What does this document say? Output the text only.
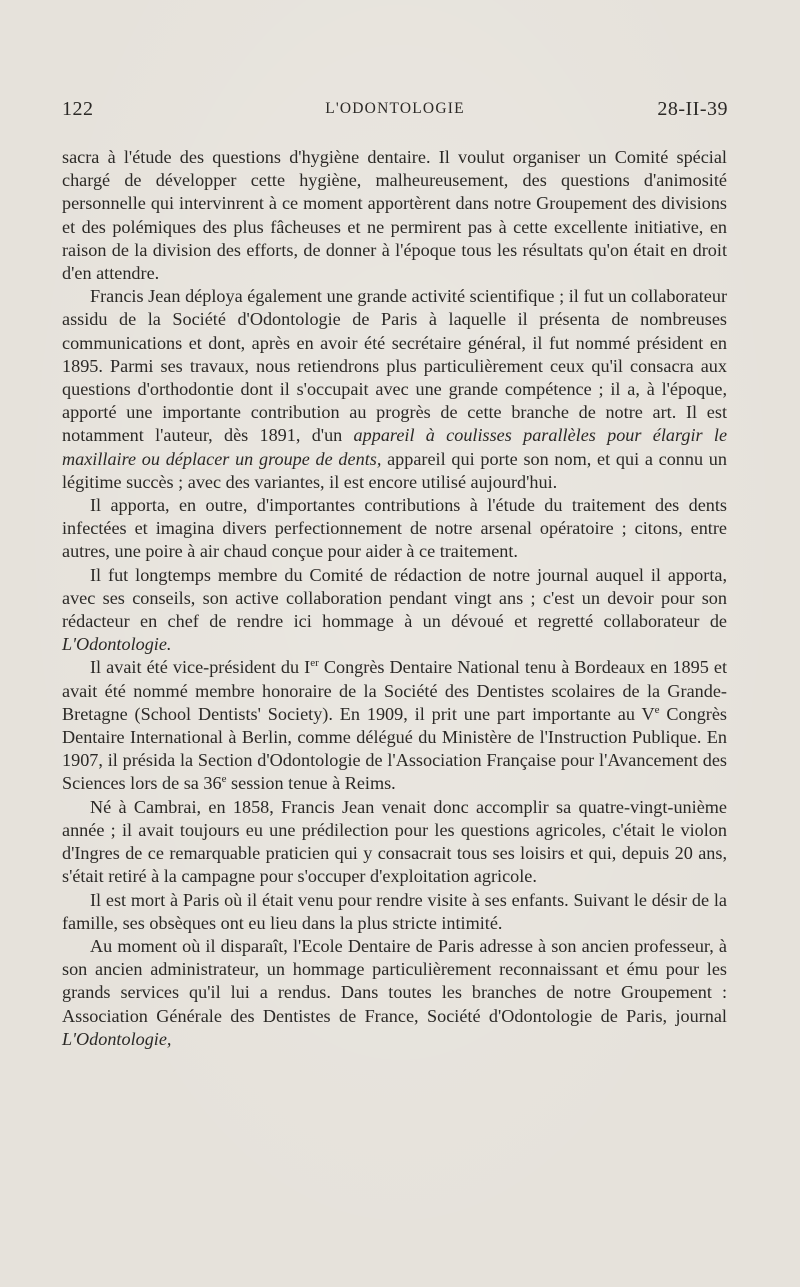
122	L'ODONTOLOGIE	28-II-39

sacra à l'étude des questions d'hygiène dentaire. Il voulut organiser un Comité spécial chargé de développer cette hygiène, malheureusement, des questions d'animosité personnelle qui intervinrent à ce moment apportèrent dans notre Groupement des divisions et des polémiques des plus fâcheuses et ne permirent pas à cette excellente initiative, en raison de la division des efforts, de donner à l'époque tous les résultats qu'on était en droit d'en attendre.

Francis Jean déploya également une grande activité scientifique ; il fut un collaborateur assidu de la Société d'Odontologie de Paris à laquelle il présenta de nombreuses communications et dont, après en avoir été secrétaire général, il fut nommé président en 1895. Parmi ses travaux, nous retiendrons plus particulièrement ceux qu'il consacra aux questions d'orthodontie dont il s'occupait avec une grande compétence ; il a, à l'époque, apporté une importante contribution au progrès de cette branche de notre art. Il est notamment l'auteur, dès 1891, d'un appareil à coulisses parallèles pour élargir le maxillaire ou déplacer un groupe de dents, appareil qui porte son nom, et qui a connu un légitime succès ; avec des variantes, il est encore utilisé aujourd'hui.

Il apporta, en outre, d'importantes contributions à l'étude du traitement des dents infectées et imagina divers perfectionnement de notre arsenal opératoire ; citons, entre autres, une poire à air chaud conçue pour aider à ce traitement.

Il fut longtemps membre du Comité de rédaction de notre journal auquel il apporta, avec ses conseils, son active collaboration pendant vingt ans ; c'est un devoir pour son rédacteur en chef de rendre ici hommage à un dévoué et regretté collaborateur de L'Odontologie.

Il avait été vice-président du Ier Congrès Dentaire National tenu à Bordeaux en 1895 et avait été nommé membre honoraire de la Société des Dentistes scolaires de la Grande-Bretagne (School Dentists' Society). En 1909, il prit une part importante au Ve Congrès Dentaire International à Berlin, comme délégué du Ministère de l'Instruction Publique. En 1907, il présida la Section d'Odontologie de l'Association Française pour l'Avancement des Sciences lors de sa 36e session tenue à Reims.

Né à Cambrai, en 1858, Francis Jean venait donc accomplir sa quatre-vingt-unième année ; il avait toujours eu une prédilection pour les questions agricoles, c'était le violon d'Ingres de ce remarquable praticien qui y consacrait tous ses loisirs et qui, depuis 20 ans, s'était retiré à la campagne pour s'occuper d'exploitation agricole.

Il est mort à Paris où il était venu pour rendre visite à ses enfants. Suivant le désir de la famille, ses obsèques ont eu lieu dans la plus stricte intimité.

Au moment où il disparaît, l'Ecole Dentaire de Paris adresse à son ancien professeur, à son ancien administrateur, un hommage particulièrement reconnaissant et ému pour les grands services qu'il lui a rendus. Dans toutes les branches de notre Groupement : Association Générale des Dentistes de France, Société d'Odontologie de Paris, journal L'Odontologie,
